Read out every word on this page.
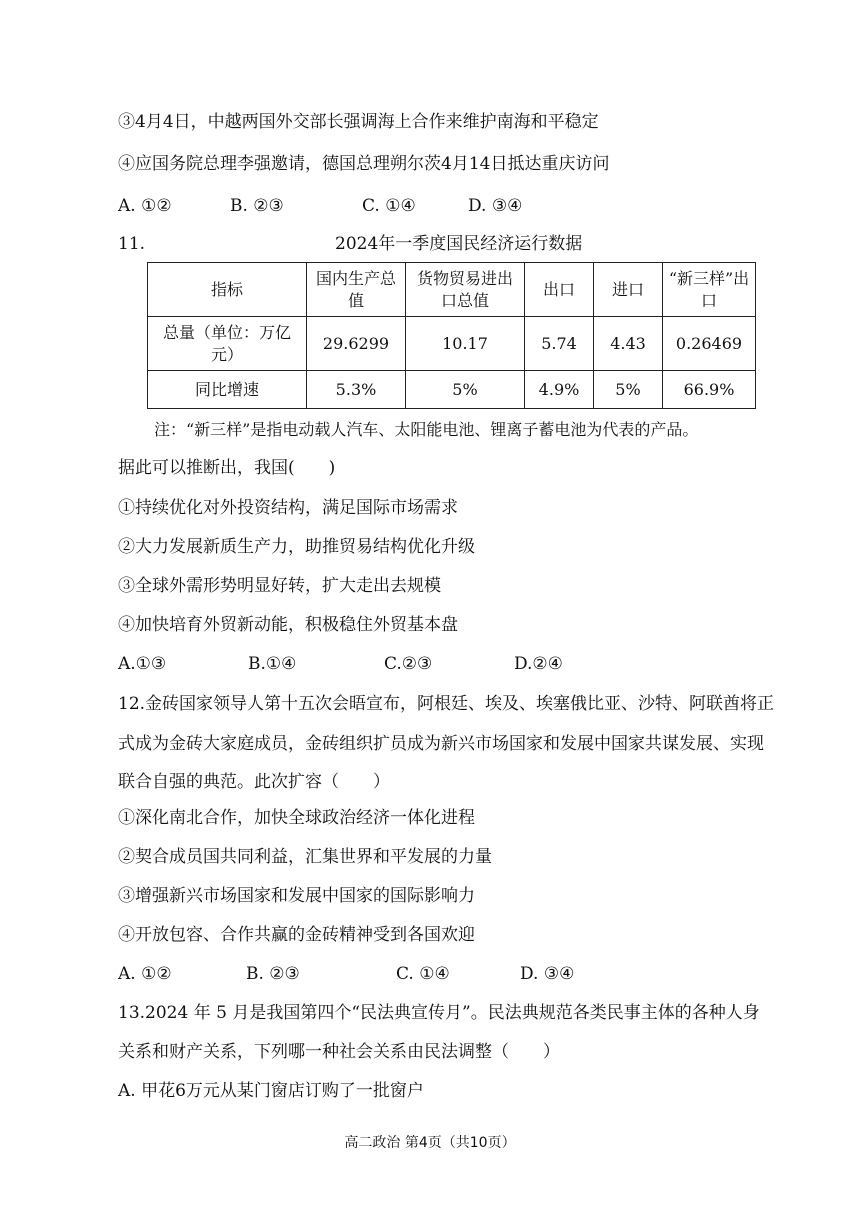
③4月4日，中越两国外交部长强调海上合作来维护南海和平稳定
④应国务院总理李强邀请，德国总理朔尔茨4月14日抵达重庆访问
A. ①②	B. ②③	C. ①④	D. ③④
11.	2024年一季度国民经济运行数据
指标	国内生产总值	货物贸易进出口总值	出口	进口	“新三样”出口
总量（单位：万亿元）	29.6299	10.17	5.74	4.43	0.26469
同比增速	5.3%	5%	4.9%	5%	66.9%
注：“新三样”是指电动载人汽车、太阳能电池、锂离子蓄电池为代表的产品。
据此可以推断出，我国(　　)
①持续优化对外投资结构，满足国际市场需求
②大力发展新质生产力，助推贸易结构优化升级
③全球外需形势明显好转，扩大走出去规模
④加快培育外贸新动能，积极稳住外贸基本盘
A.①③	B.①④	C.②③	D.②④
12.金砖国家领导人第十五次会晤宣布，阿根廷、埃及、埃塞俄比亚、沙特、阿联酋将正
式成为金砖大家庭成员，金砖组织扩员成为新兴市场国家和发展中国家共谋发展、实现
联合自强的典范。此次扩容（　　）
①深化南北合作，加快全球政治经济一体化进程
②契合成员国共同利益，汇集世界和平发展的力量
③增强新兴市场国家和发展中国家的国际影响力
④开放包容、合作共赢的金砖精神受到各国欢迎
A. ①②	B. ②③	C. ①④	D. ③④
13.2024 年 5 月是我国第四个“民法典宣传月”。民法典规范各类民事主体的各种人身
关系和财产关系，下列哪一种社会关系由民法调整（　　）
A. 甲花6万元从某门窗店订购了一批窗户
高二政治 第4页（共10页）
